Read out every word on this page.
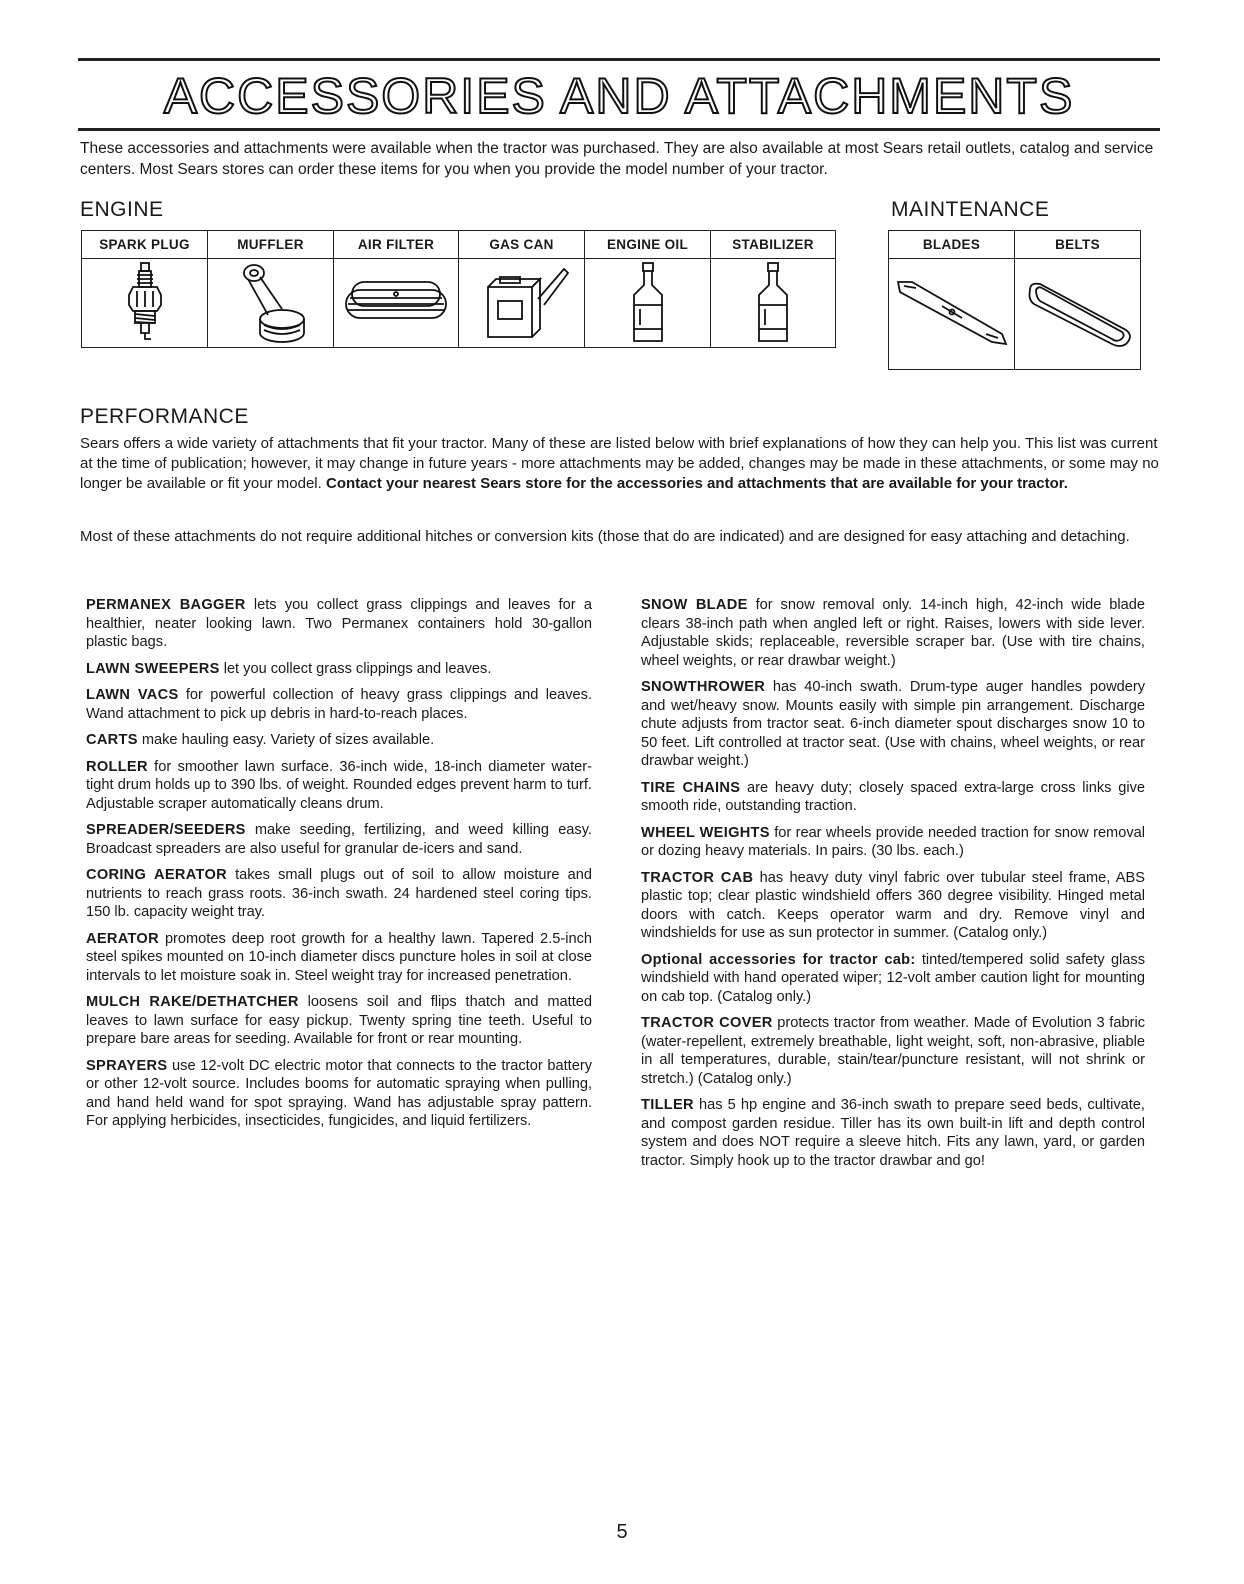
ACCESSORIES AND ATTACHMENTS
These accessories and attachments were available when the tractor was purchased. They are also available at most Sears retail outlets, catalog and service centers. Most Sears stores can order these items for you when you provide the model number of your tractor.
ENGINE	MAINTENANCE
SPARK PLUG	MUFFLER	AIR FILTER	GAS CAN	ENGINE OIL	STABILIZER

		BLADES	BELTS

PERFORMANCE
Sears offers a wide variety of attachments that fit your tractor. Many of these are listed below with brief explanations of how they can help you. This list was current at the time of publication; however, it may change in future years - more attachments may be added, changes may be made in these attachments, or some may no longer be available or fit your model. Contact your nearest Sears store for the accessories and attachments that are available for your tractor.
Most of these attachments do not require additional hitches or conversion kits (those that do are indicated) and are designed for easy attaching and detaching.
PERMANEX BAGGER lets you collect grass clippings and leaves for a healthier, neater looking lawn. Two Permanex containers hold 30-gallon plastic bags.
LAWN SWEEPERS let you collect grass clippings and leaves.
LAWN VACS for powerful collection of heavy grass clippings and leaves. Wand attachment to pick up debris in hard-to-reach places.
CARTS make hauling easy. Variety of sizes available.
ROLLER for smoother lawn surface. 36-inch wide, 18-inch diameter water-tight drum holds up to 390 lbs. of weight. Rounded edges prevent harm to turf. Adjustable scraper automatically cleans drum.
SPREADER/SEEDERS make seeding, fertilizing, and weed killing easy. Broadcast spreaders are also useful for granular de-icers and sand.
CORING AERATOR takes small plugs out of soil to allow moisture and nutrients to reach grass roots. 36-inch swath. 24 hardened steel coring tips. 150 lb. capacity weight tray.
AERATOR promotes deep root growth for a healthy lawn. Tapered 2.5-inch steel spikes mounted on 10-inch diameter discs puncture holes in soil at close intervals to let moisture soak in. Steel weight tray for increased penetration.
MULCH RAKE/DETHATCHER loosens soil and flips thatch and matted leaves to lawn surface for easy pickup. Twenty spring tine teeth. Useful to prepare bare areas for seeding. Available for front or rear mounting.
SPRAYERS use 12-volt DC electric motor that connects to the tractor battery or other 12-volt source. Includes booms for automatic spraying when pulling, and hand held wand for spot spraying. Wand has adjustable spray pattern. For applying herbicides, insecticides, fungicides, and liquid fertilizers.
SNOW BLADE for snow removal only. 14-inch high, 42-inch wide blade clears 38-inch path when angled left or right. Raises, lowers with side lever. Adjustable skids; replaceable, reversible scraper bar. (Use with tire chains, wheel weights, or rear drawbar weight.)
SNOWTHROWER has 40-inch swath. Drum-type auger handles powdery and wet/heavy snow. Mounts easily with simple pin arrangement. Discharge chute adjusts from tractor seat. 6-inch diameter spout discharges snow 10 to 50 feet. Lift controlled at tractor seat. (Use with chains, wheel weights, or rear drawbar weight.)
TIRE CHAINS are heavy duty; closely spaced extra-large cross links give smooth ride, outstanding traction.
WHEEL WEIGHTS for rear wheels provide needed traction for snow removal or dozing heavy materials. In pairs. (30 lbs. each.)
TRACTOR CAB has heavy duty vinyl fabric over tubular steel frame, ABS plastic top; clear plastic windshield offers 360 degree visibility. Hinged metal doors with catch. Keeps operator warm and dry. Remove vinyl and windshields for use as sun protector in summer. (Catalog only.)
Optional accessories for tractor cab: tinted/tempered solid safety glass windshield with hand operated wiper; 12-volt amber caution light for mounting on cab top. (Catalog only.)
TRACTOR COVER protects tractor from weather. Made of Evolution 3 fabric (water-repellent, extremely breathable, light weight, soft, non-abrasive, pliable in all temperatures, durable, stain/tear/puncture resistant, will not shrink or stretch.) (Catalog only.)
TILLER has 5 hp engine and 36-inch swath to prepare seed beds, cultivate, and compost garden residue. Tiller has its own built-in lift and depth control system and does NOT require a sleeve hitch. Fits any lawn, yard, or garden tractor. Simply hook up to the tractor drawbar and go!
5
